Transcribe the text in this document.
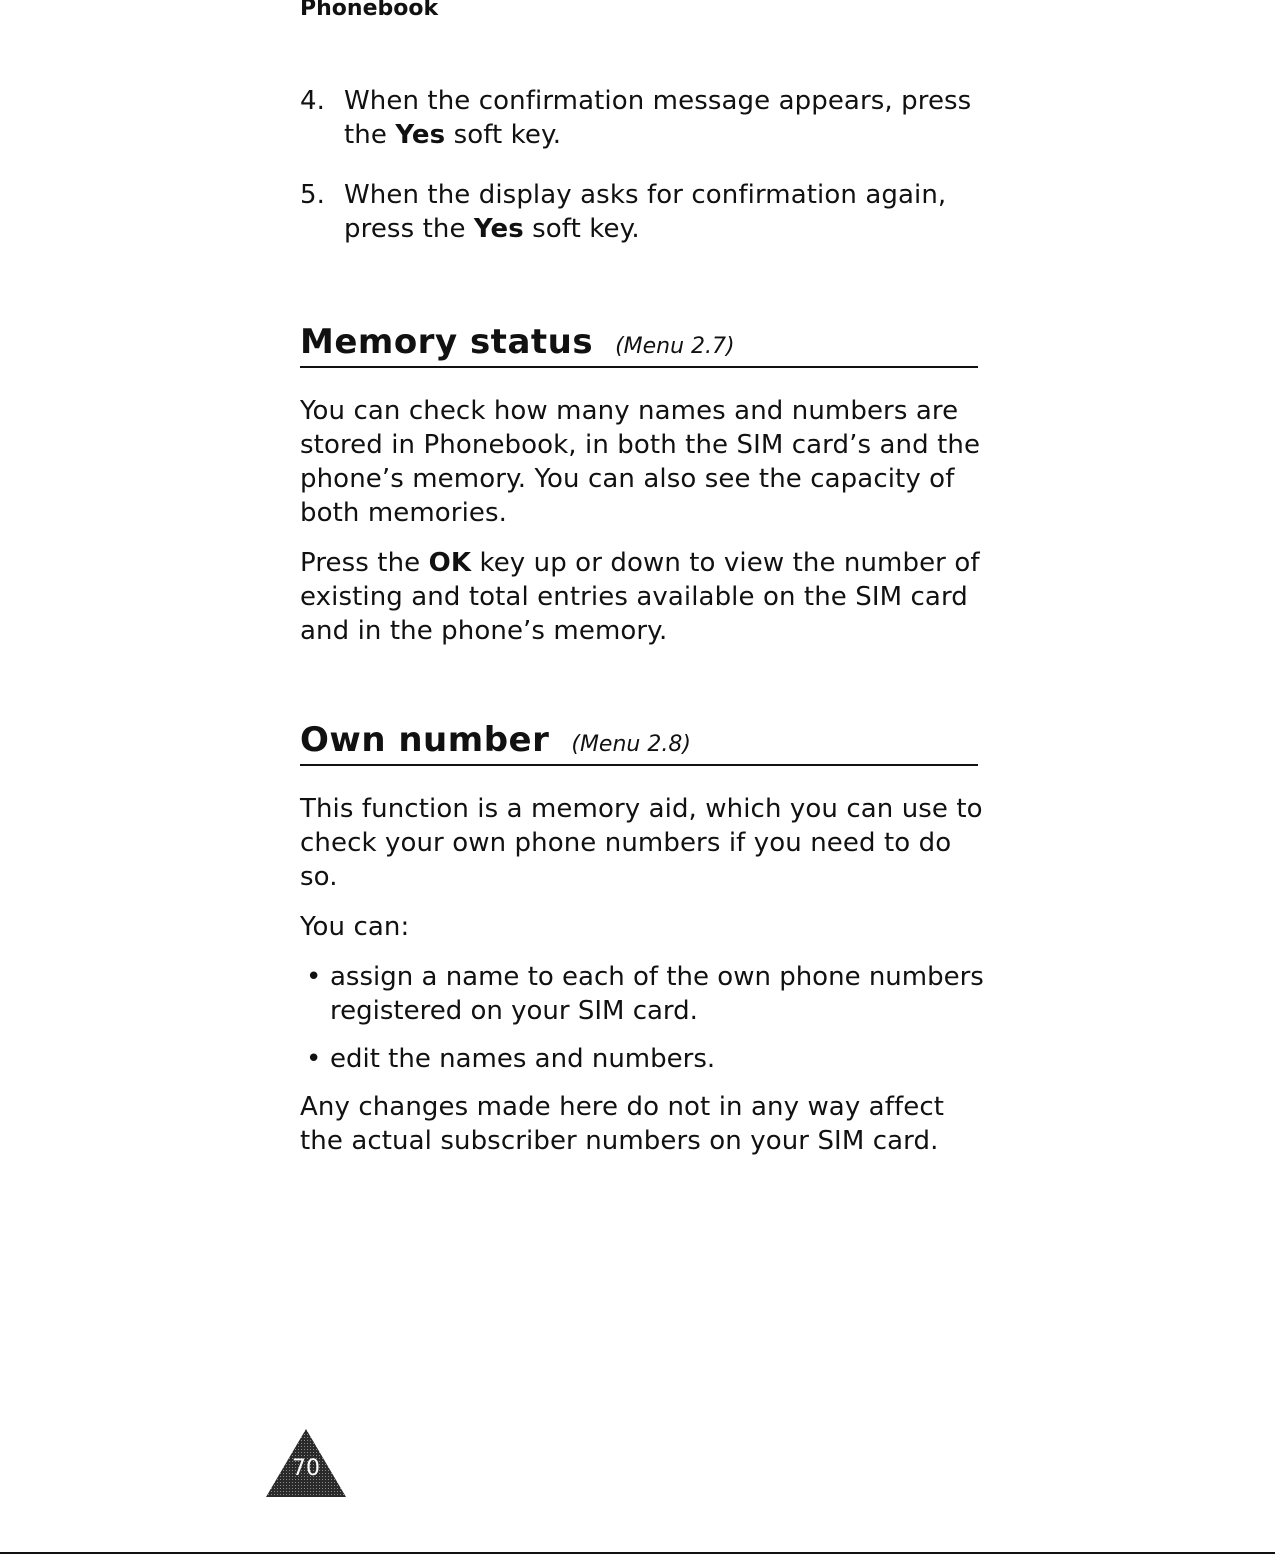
Phonebook
4. When the confirmation message appears, press the Yes soft key.
5. When the display asks for confirmation again, press the Yes soft key.
Memory status (Menu 2.7)

You can check how many names and numbers are stored in Phonebook, in both the SIM card’s and the phone’s memory. You can also see the capacity of both memories.

Press the OK key up or down to view the number of existing and total entries available on the SIM card and in the phone’s memory.

Own number (Menu 2.8)

This function is a memory aid, which you can use to check your own phone numbers if you need to do so.

You can:

• assign a name to each of the own phone numbers registered on your SIM card.
• edit the names and numbers.

Any changes made here do not in any way affect the actual subscriber numbers on your SIM card.

70
